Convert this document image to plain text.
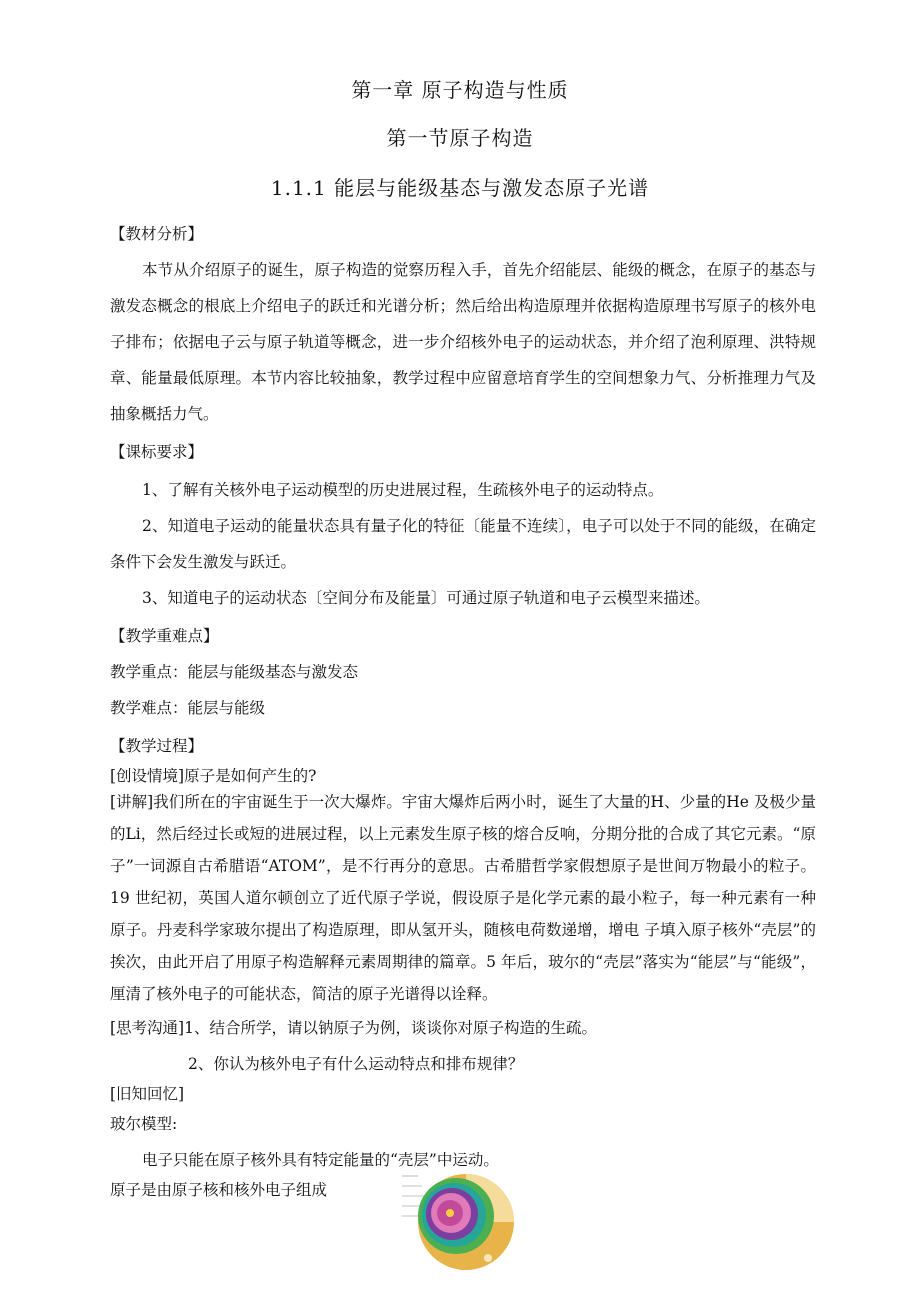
第一章 原子构造与性质
第一节原子构造
1.1.1 能层与能级基态与激发态原子光谱
【教材分析】

本节从介绍原子的诞生，原子构造的觉察历程入手，首先介绍能层、能级的概念，在原子的基态与激发态概念的根底上介绍电子的跃迁和光谱分析；然后给出构造原理并依据构造原理书写原子的核外电子排布；依据电子云与原子轨道等概念，进一步介绍核外电子的运动状态，并介绍了泡利原理、洪特规章、能量最低原理。本节内容比较抽象，教学过程中应留意培育学生的空间想象力气、分析推理力气及抽象概括力气。

【课标要求】

1、了解有关核外电子运动模型的历史进展过程，生疏核外电子的运动特点。

2、知道电子运动的能量状态具有量子化的特征〔能量不连续〕，电子可以处于不同的能级，在确定条件下会发生激发与跃迁。

3、知道电子的运动状态〔空间分布及能量〕可通过原子轨道和电子云模型来描述。

【教学重难点】
教学重点：能层与能级基态与激发态
教学难点：能层与能级
【教学过程】
[创设情境]原子是如何产生的?

[讲解]我们所在的宇宙诞生于一次大爆炸。宇宙大爆炸后两小时，诞生了大量的H、少量的He 及极少量的Li，然后经过长或短的进展过程，以上元素发生原子核的熔合反响，分期分批的合成了其它元素。“原子”一词源自古希腊语“ATOM”，是不行再分的意思。古希腊哲学家假想原子是世间万物最小的粒子。19 世纪初，英国人道尔顿创立了近代原子学说，假设原子是化学元素的最小粒子，每一种元素有一种原子。丹麦科学家玻尔提出了构造原理，即从氢开头，随核电荷数递增，增电 子填入原子核外“壳层”的挨次，由此开启了用原子构造解释元素周期律的篇章。5 年后，玻尔的“壳层”落实为“能层”与“能级”，厘清了核外电子的可能状态，简洁的原子光谱得以诠释。

[思考沟通]1、结合所学，请以钠原子为例，谈谈你对原子构造的生疏。
2、你认为核外电子有什么运动特点和排布规律？
[旧知回忆]
玻尔模型:
电子只能在原子核外具有特定能量的“壳层”中运动。
原子是由原子核和核外电子组成
